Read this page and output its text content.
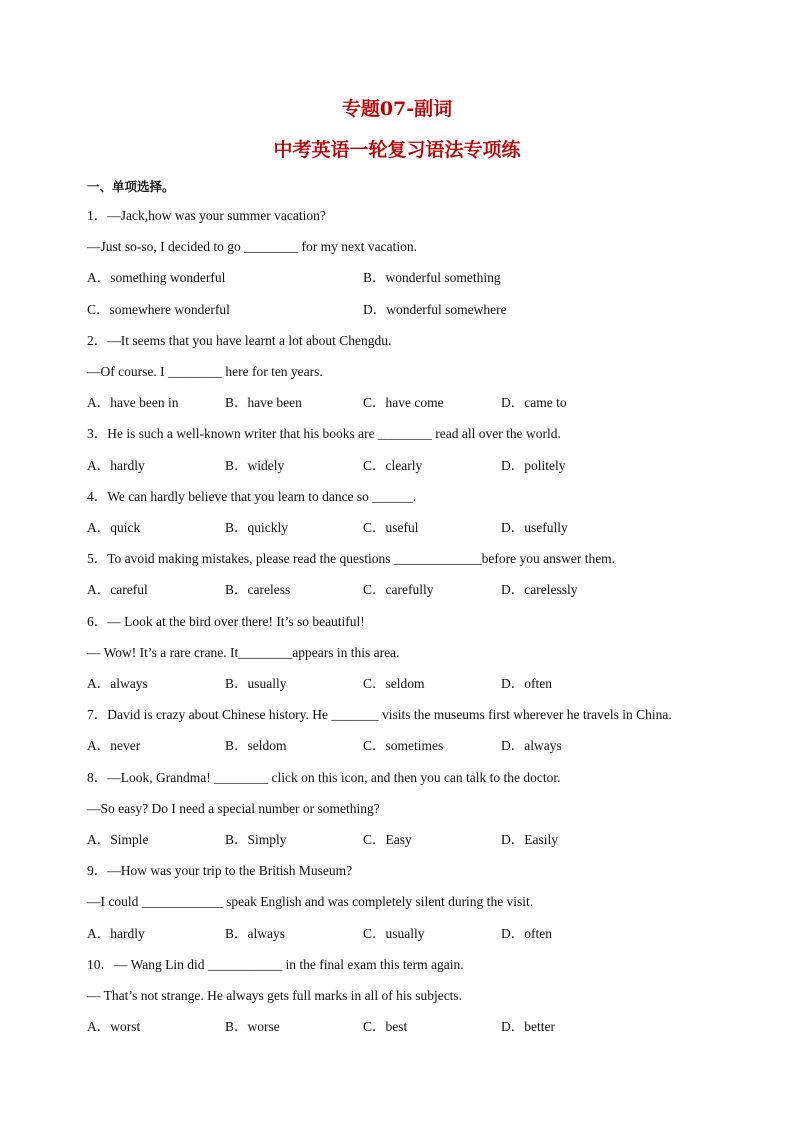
专题07-副词
中考英语一轮复习语法专项练
一、单项选择。
1．—Jack,how was your summer vacation?
—Just so-so, I decided to go ________ for my next vacation.
A．something wonderful	B．wonderful something
C．somewhere wonderful	D．wonderful somewhere
2．—It seems that you have learnt a lot about Chengdu.
—Of course. I ________ here for ten years.
A．have been in	B．have been	C．have come	D．came to
3．He is such a well-known writer that his books are ________ read all over the world.
A．hardly	B．widely	C．clearly	D．politely
4．We can hardly believe that you learn to dance so ______.
A．quick	B．quickly	C．useful	D．usefully
5．To avoid making mistakes, please read the questions _____________before you answer them.
A．careful	B．careless	C．carefully	D．carelessly
6．— Look at the bird over there! It’s so beautiful!
— Wow! It’s a rare crane. It________appears in this area.
A．always	B．usually	C．seldom	D．often
7．David is crazy about Chinese history. He _______ visits the museums first wherever he travels in China.
A．never	B．seldom	C．sometimes	D．always
8．—Look, Grandma! ________ click on this icon, and then you can talk to the doctor.
—So easy? Do I need a special number or something?
A．Simple	B．Simply	C．Easy	D．Easily
9．—How was your trip to the British Museum?
—I could ____________ speak English and was completely silent during the visit.
A．hardly	B．always	C．usually	D．often
10．— Wang Lin did ___________ in the final exam this term again.
— That’s not strange. He always gets full marks in all of his subjects.
A．worst	B．worse	C．best	D．better
